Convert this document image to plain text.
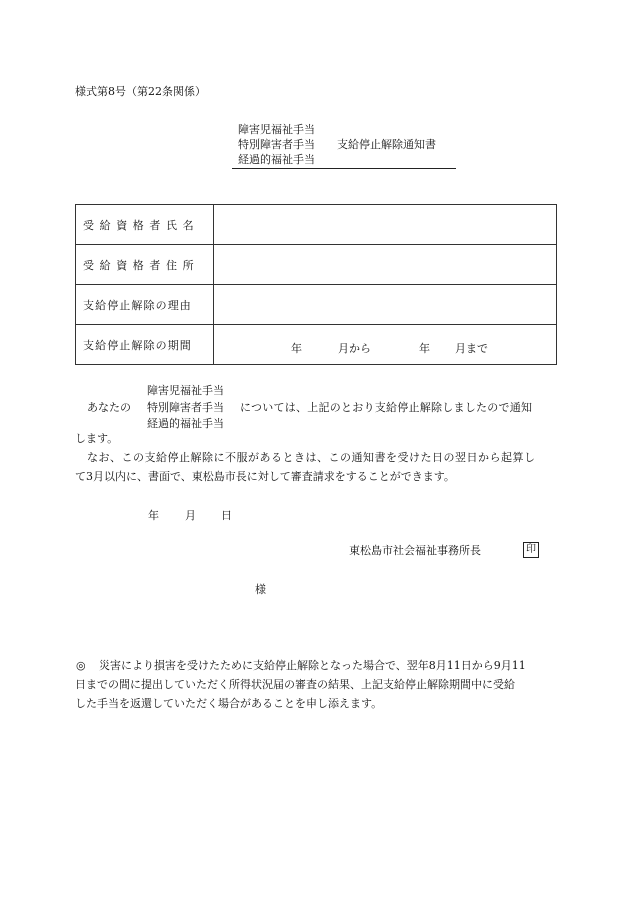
様式第8号（第22条関係）
障害児福祉手当
特別障害者手当
経過的福祉手当
支給停止解除通知書
受給資格者氏名	
受給資格者住所	
支給停止解除の理由	
支給停止解除の期間	年 月から 年 月まで
障害児福祉手当
あなたの 特別障害者手当 については、上記のとおり支給停止解除しましたので通知
経過的福祉手当
します。
なお、この支給停止解除に不服があるときは、この通知書を受けた日の翌日から起算し
て3月以内に、書面で、東松島市長に対して審査請求をすることができます。
年 月 日
東松島市社会福祉事務所長	印
様
◎ 災害により損害を受けたために支給停止解除となった場合で、翌年8月11日から9月11
日までの間に提出していただく所得状況届の審査の結果、上記支給停止解除期間中に受給
した手当を返還していただく場合があることを申し添えます。
